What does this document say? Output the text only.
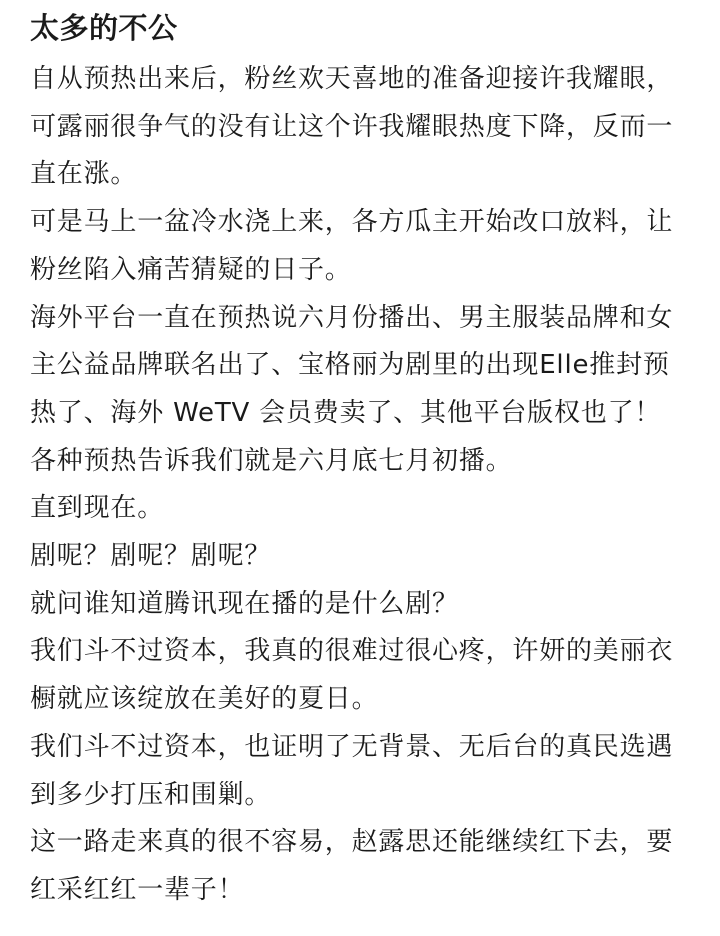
太多的不公

自从预热出来后，粉丝欢天喜地的准备迎接许我耀眼，可露丽很争气的没有让这个许我耀眼热度下降，反而一直在涨。

可是马上一盆冷水浇上来，各方瓜主开始改口放料，让粉丝陷入痛苦猜疑的日子。

海外平台一直在预热说六月份播出、男主服装品牌和女主公益品牌联名出了、宝格丽为剧里的出现Elle推封预热了、海外 WeTV 会员费卖了、其他平台版权也了！

各种预热告诉我们就是六月底七月初播。

直到现在。

剧呢？剧呢？剧呢？

就问谁知道腾讯现在播的是什么剧？

我们斗不过资本，我真的很难过很心疼，许妍的美丽衣橱就应该绽放在美好的夏日。

我们斗不过资本，也证明了无背景、无后台的真民选遇到多少打压和围剿。

这一路走来真的很不容易，赵露思还能继续红下去，要红采红红一辈子！
